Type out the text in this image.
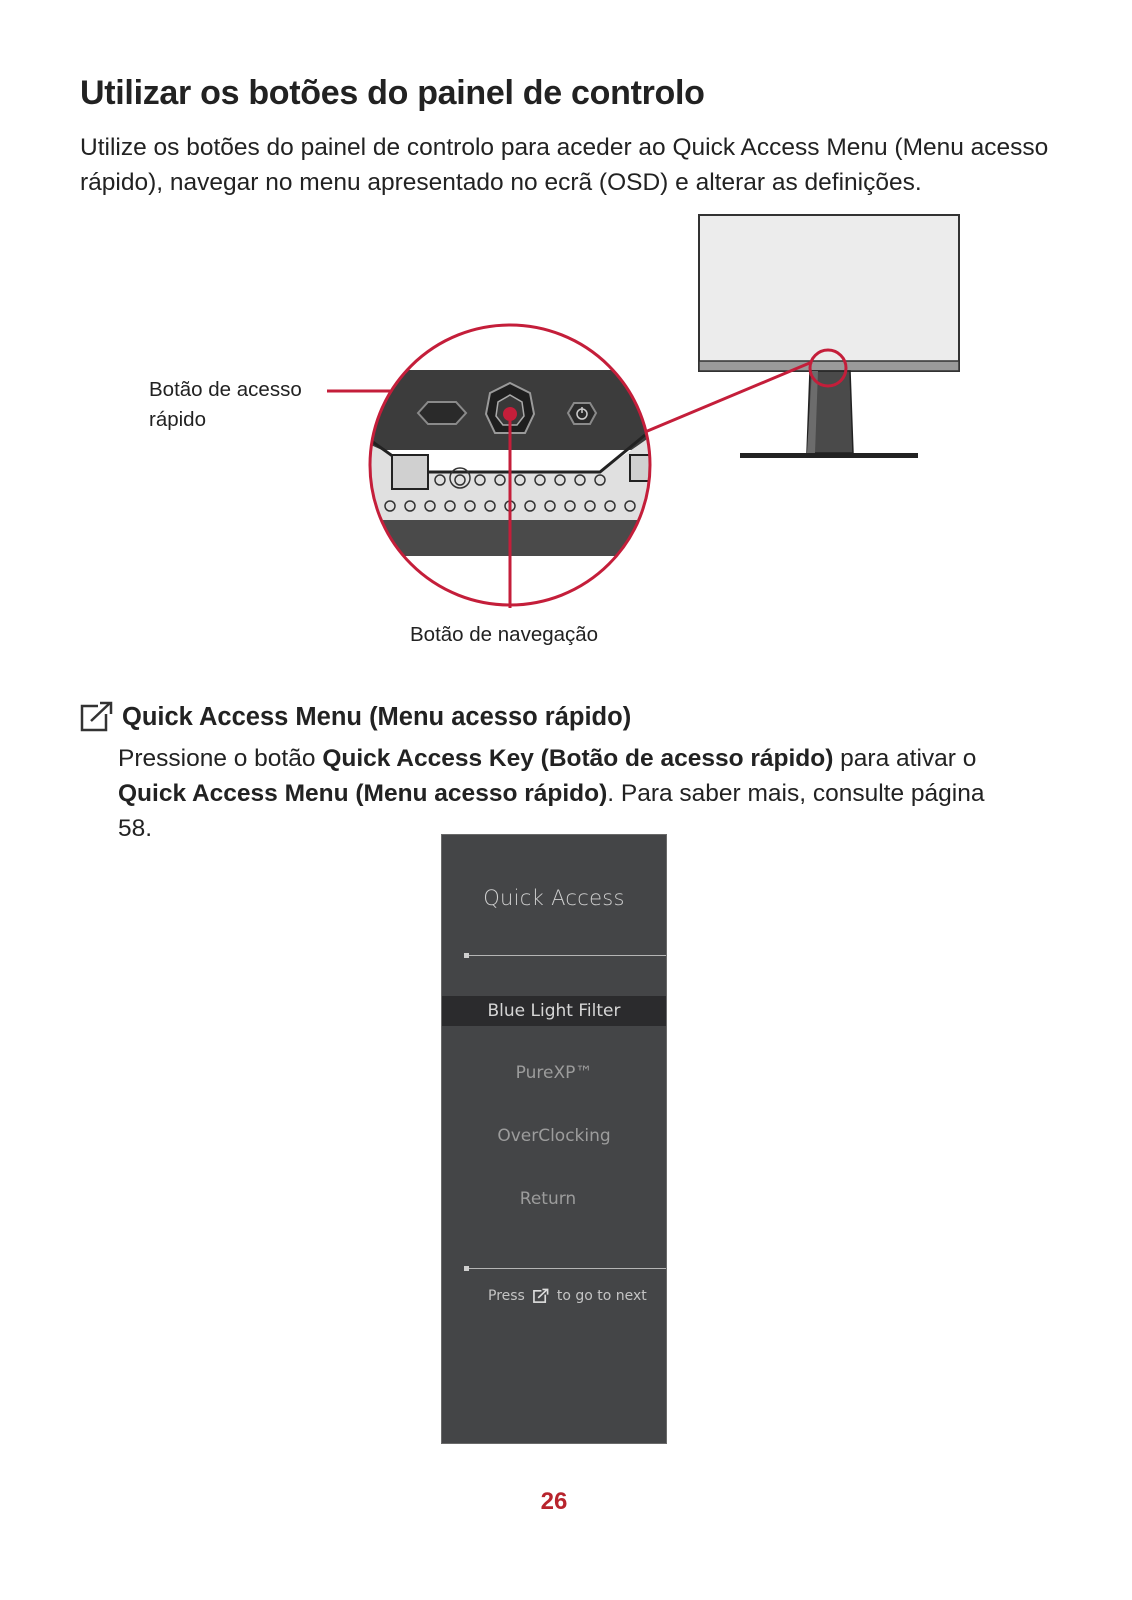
Utilizar os botões do painel de controlo

Utilize os botões do painel de controlo para aceder ao Quick Access Menu (Menu acesso rápido), navegar no menu apresentado no ecrã (OSD) e alterar as definições.

Botão de acesso
rápido
Botão de navegação
Quick Access Menu (Menu acesso rápido)

Pressione o botão Quick Access Key (Botão de acesso rápido) para ativar o Quick Access Menu (Menu acesso rápido). Para saber mais, consulte página 58.

Quick Access
Blue Light Filter
PureXP™
OverClocking
Return
Press to go to next
26
